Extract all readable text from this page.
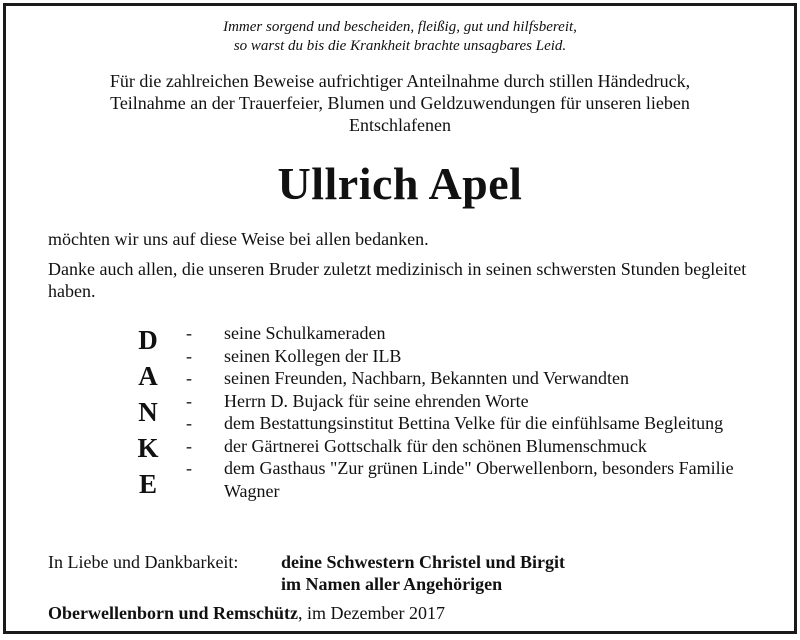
Immer sorgend und bescheiden, fleißig, gut und hilfsbereit,
so warst du bis die Krankheit brachte unsagbares Leid.
Für die zahlreichen Beweise aufrichtiger Anteilnahme durch stillen Händedruck,
Teilnahme an der Trauerfeier, Blumen und Geldzuwendungen für unseren lieben
Entschlafenen
Ullrich Apel

möchten wir uns auf diese Weise bei allen bedanken.

Danke auch allen, die unseren Bruder zuletzt medizinisch in seinen schwersten Stunden begleitet haben.

D
A
N
K
E
-	seine Schulkameraden
-	seinen Kollegen der ILB
-	seinen Freunden, Nachbarn, Bekannten und Verwandten
-	Herrn D. Bujack für seine ehrenden Worte
-	dem Bestattungsinstitut Bettina Velke für die einfühlsame Begleitung
-	der Gärtnerei Gottschalk für den schönen Blumenschmuck
-	dem Gasthaus "Zur grünen Linde" Oberwellenborn, besonders Familie Wagner
In Liebe und Dankbarkeit: deine Schwestern Christel und Birgit
im Namen aller Angehörigen
Oberwellenborn und Remschütz, im Dezember 2017
